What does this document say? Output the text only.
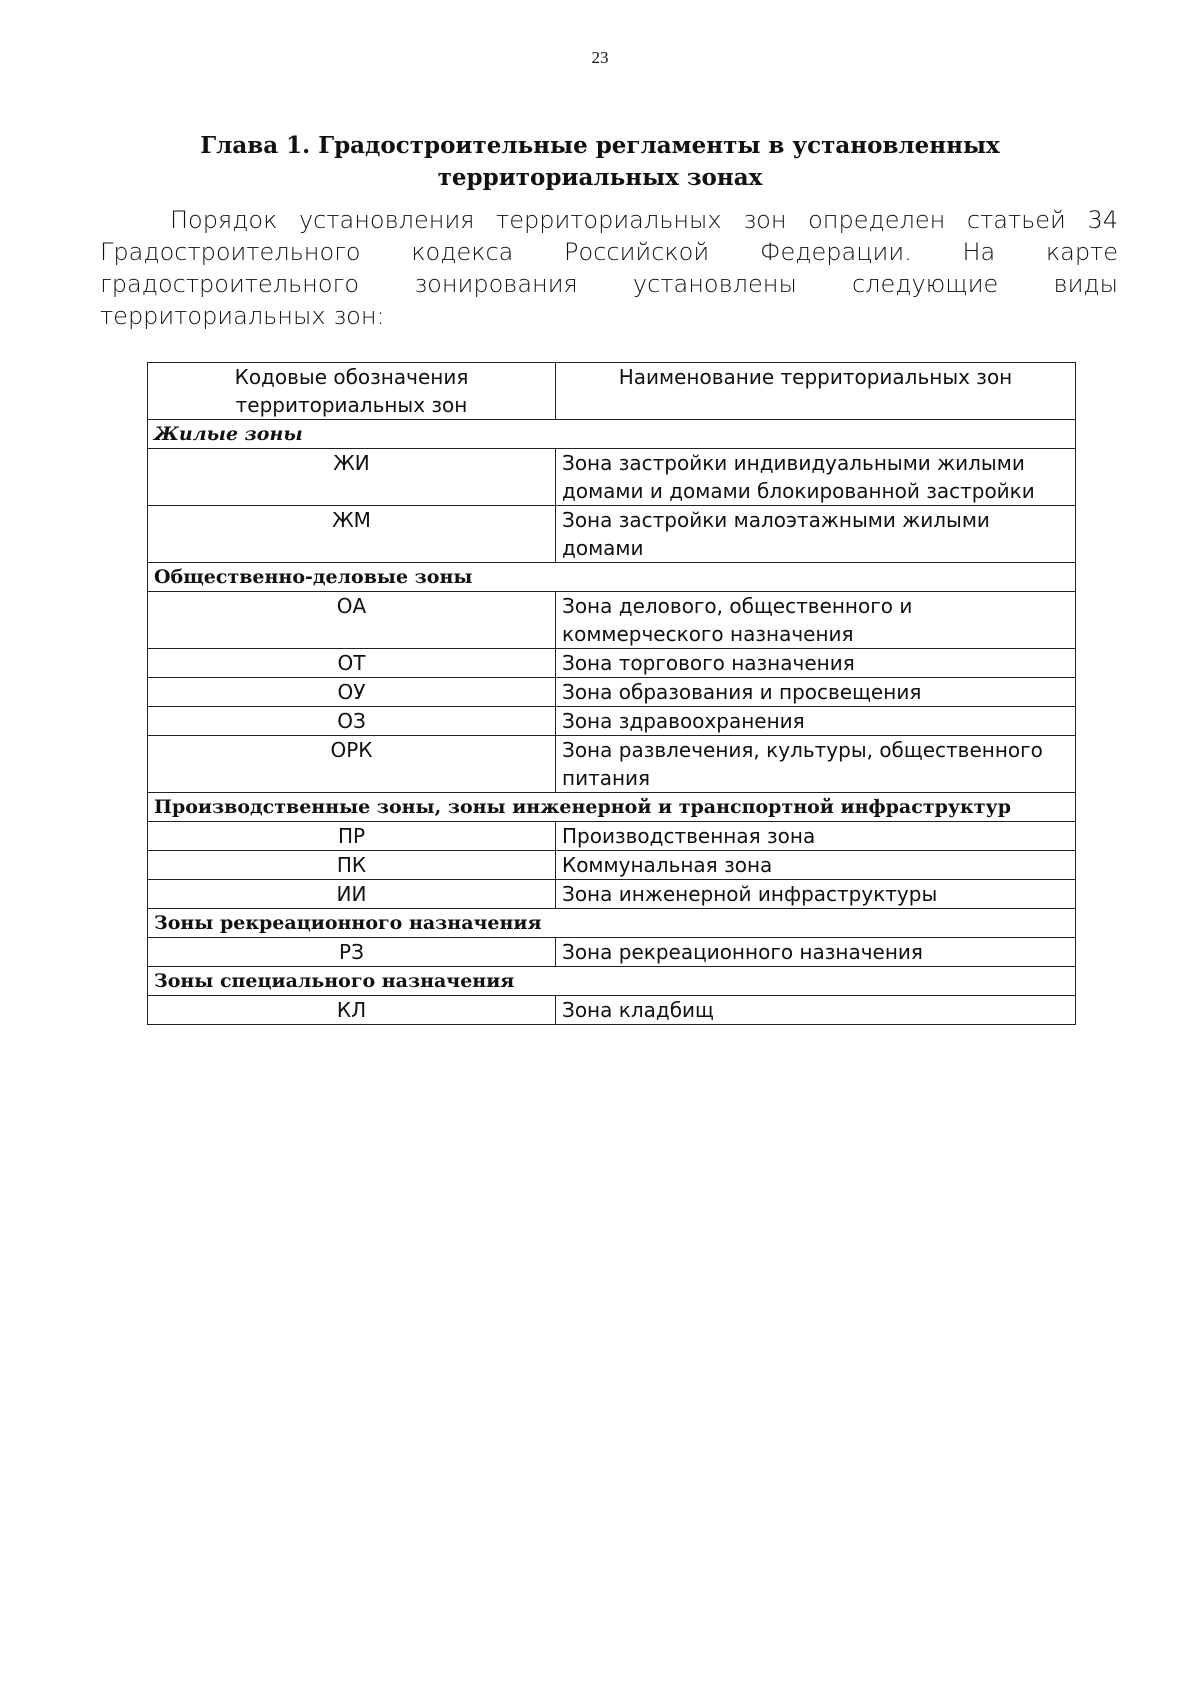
23
Глава 1. Градостроительные регламенты в установленных территориальных зонах

Порядок установления территориальных зон определен статьей 34 Градостроительного кодекса Российской Федерации. На карте градостроительного зонирования установлены следующие виды территориальных зон:

Кодовые обозначения территориальных зон	Наименование территориальных зон
Жилые зоны	
ЖИ	Зона застройки индивидуальными жилыми домами и домами блокированной застройки
ЖМ	Зона застройки малоэтажными жилыми домами
Общественно-деловые зоны	
ОА	Зона делового, общественного и коммерческого назначения
ОТ	Зона торгового назначения
ОУ	Зона образования и просвещения
ОЗ	Зона здравоохранения
ОРК	Зона развлечения, культуры, общественного питания
Производственные зоны, зоны инженерной и транспортной инфраструктур	
ПР	Производственная зона
ПК	Коммунальная зона
ИИ	Зона инженерной инфраструктуры
Зоны рекреационного назначения	
РЗ	Зона рекреационного назначения
Зоны специального назначения	
КЛ	Зона кладбищ
